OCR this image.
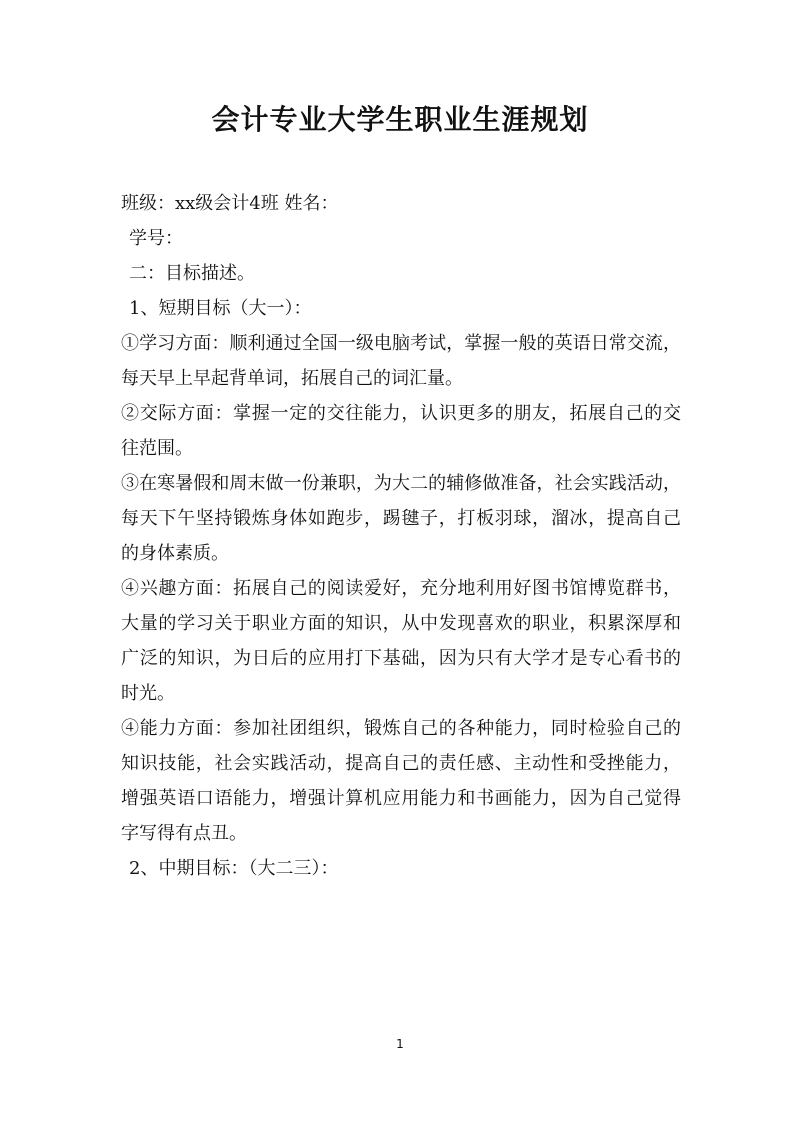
会计专业大学生职业生涯规划
班级：xx级会计4班 姓名：
学号：
二：目标描述。
1、短期目标（大一）：
①学习方面：顺利通过全国一级电脑考试，掌握一般的英语日常交流，
每天早上早起背单词，拓展自己的词汇量。
②交际方面：掌握一定的交往能力，认识更多的朋友，拓展自己的交
往范围。
③在寒暑假和周末做一份兼职，为大二的辅修做准备，社会实践活动，
每天下午坚持锻炼身体如跑步，踢毽子，打板羽球，溜冰，提高自己
的身体素质。
④兴趣方面：拓展自己的阅读爱好，充分地利用好图书馆博览群书，
大量的学习关于职业方面的知识，从中发现喜欢的职业，积累深厚和
广泛的知识，为日后的应用打下基础，因为只有大学才是专心看书的
时光。
④能力方面：参加社团组织，锻炼自己的各种能力，同时检验自己的
知识技能，社会实践活动，提高自己的责任感、主动性和受挫能力，
增强英语口语能力，增强计算机应用能力和书画能力，因为自己觉得
字写得有点丑。
2、中期目标：（大二三）：
1
